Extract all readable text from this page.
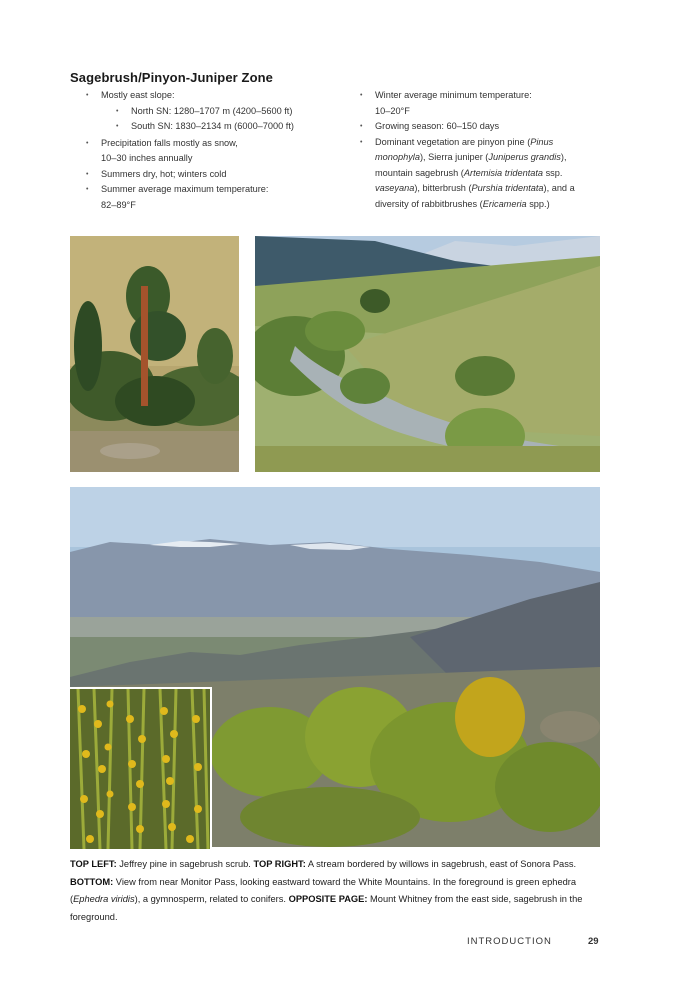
Sagebrush/Pinyon-Juniper Zone
• Mostly east slope:
• North SN: 1280–1707 m (4200–5600 ft)
• South SN: 1830–2134 m (6000–7000 ft)
• Precipitation falls mostly as snow,
10–30 inches annually
• Summers dry, hot; winters cold
• Summer average maximum temperature:
82–89°F
• Winter average minimum temperature:
10–20°F
• Growing season: 60–150 days
• Dominant vegetation are pinyon pine (Pinus monophyla), Sierra juniper (Juniperus grandis), mountain sagebrush (Artemisia tridentata ssp. vaseyana), bitterbrush (Purshia tridentata), and a diversity of rabbitbrushes (Ericameria spp.)
TOP LEFT: Jeffrey pine in sagebrush scrub. TOP RIGHT: A stream bordered by willows in sagebrush, east of Sonora Pass. BOTTOM: View from near Monitor Pass, looking eastward toward the White Mountains. In the foreground is green ephedra (Ephedra viridis), a gymnosperm, related to conifers. OPPOSITE PAGE: Mount Whitney from the east side, sagebrush in the foreground.
INTRODUCTION	29
